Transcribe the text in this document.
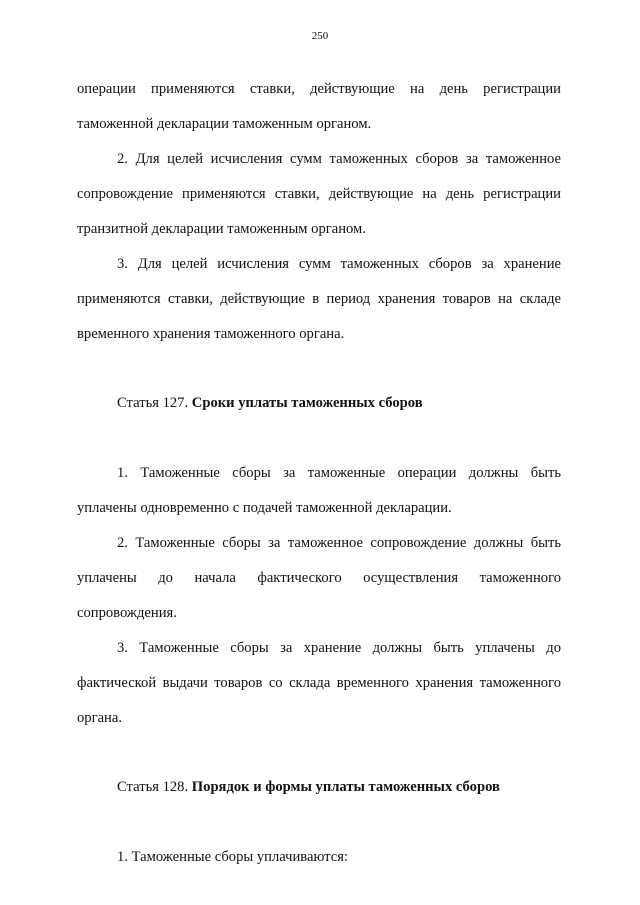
250
операции применяются ставки, действующие на день регистрации
таможенной декларации таможенным органом.
2. Для целей исчисления сумм таможенных сборов за таможенное
сопровождение применяются ставки, действующие на день регистрации
транзитной декларации таможенным органом.
3. Для целей исчисления сумм таможенных сборов за хранение
применяются ставки, действующие в период хранения товаров на складе
временного хранения таможенного органа.
Статья 127. Сроки уплаты таможенных сборов
1. Таможенные сборы за таможенные операции должны быть
уплачены одновременно с подачей таможенной декларации.
2. Таможенные сборы за таможенное сопровождение должны быть
уплачены до начала фактического осуществления таможенного
сопровождения.
3. Таможенные сборы за хранение должны быть уплачены до
фактической выдачи товаров со склада временного хранения таможенного
органа.
Статья 128. Порядок и формы уплаты таможенных сборов
1. Таможенные сборы уплачиваются:
